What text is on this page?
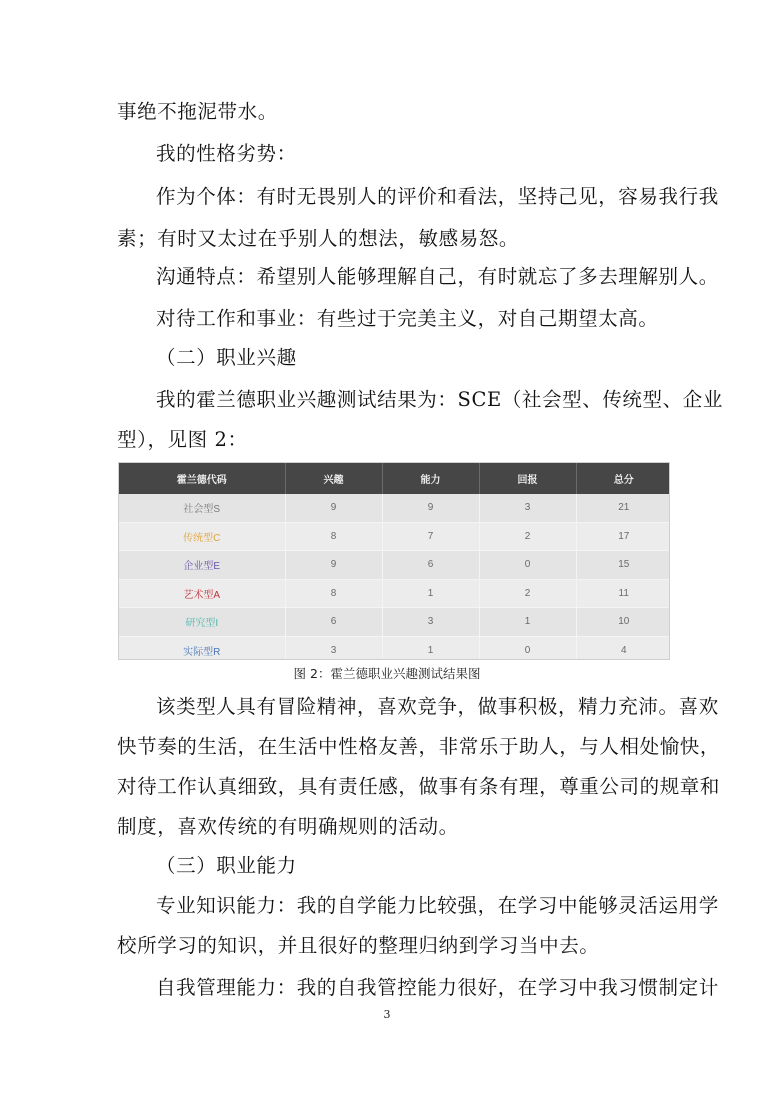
事绝不拖泥带水。
我的性格劣势：
作为个体：有时无畏别人的评价和看法，坚持己见，容易我行我
素；有时又太过在乎别人的想法，敏感易怒。
沟通特点：希望别人能够理解自己，有时就忘了多去理解别人。
对待工作和事业：有些过于完美主义，对自己期望太高。
（二）职业兴趣
我的霍兰德职业兴趣测试结果为：SCE（社会型、传统型、企业
型），见图 2：
霍兰德代码	兴趣	能力	回报	总分
社会型S	9	9	3	21
传统型C	8	7	2	17
企业型E	9	6	0	15
艺术型A	8	1	2	11
研究型I	6	3	1	10
实际型R	3	1	0	4
图 2：霍兰德职业兴趣测试结果图
该类型人具有冒险精神，喜欢竞争，做事积极，精力充沛。喜欢
快节奏的生活，在生活中性格友善，非常乐于助人，与人相处愉快，
对待工作认真细致，具有责任感，做事有条有理，尊重公司的规章和
制度，喜欢传统的有明确规则的活动。
（三）职业能力
专业知识能力：我的自学能力比较强，在学习中能够灵活运用学
校所学习的知识，并且很好的整理归纳到学习当中去。
自我管理能力：我的自我管控能力很好，在学习中我习惯制定计
3
